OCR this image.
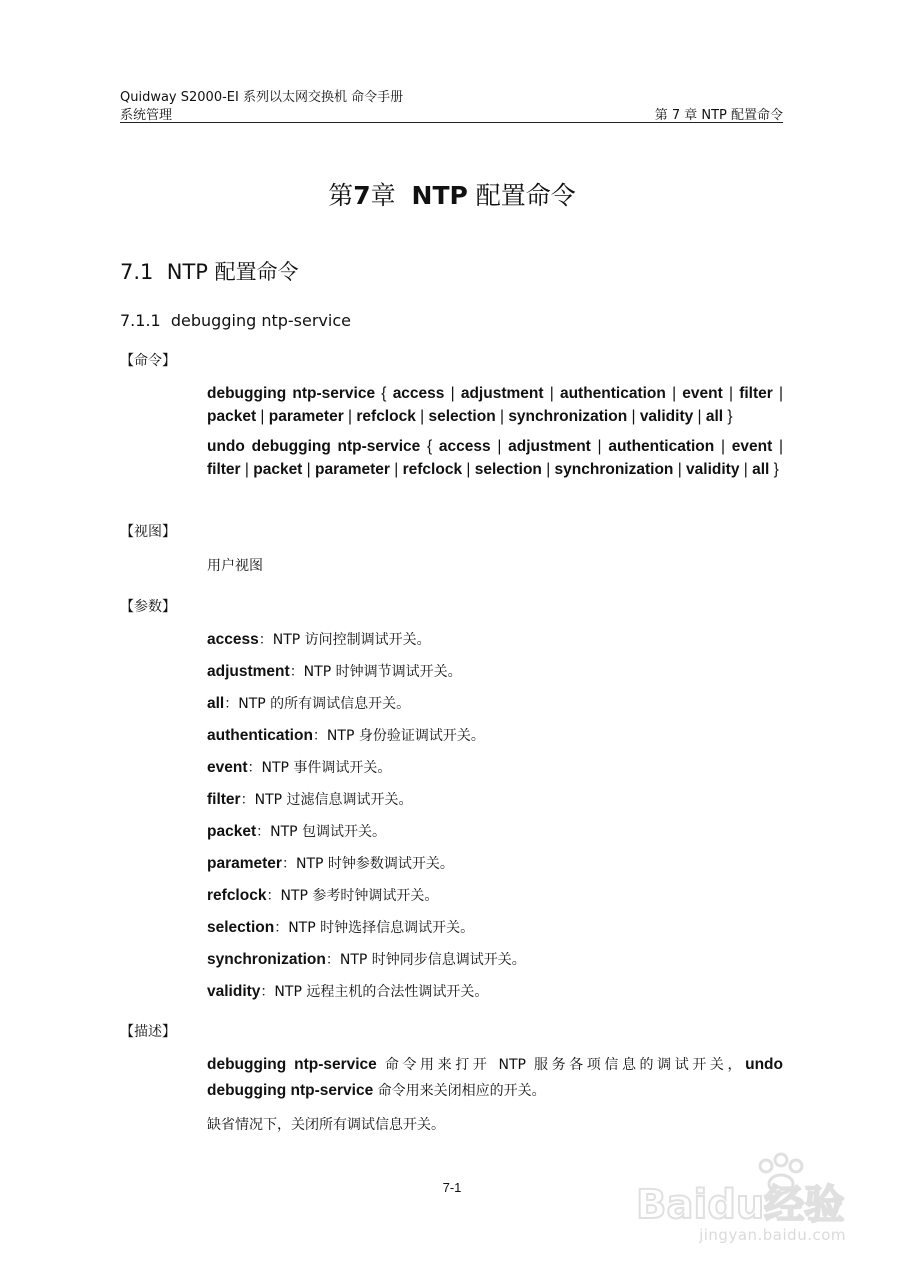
Quidway S2000-EI 系列以太网交换机 命令手册
系统管理	第 7 章 NTP 配置命令
第7章  NTP 配置命令
7.1  NTP 配置命令
7.1.1  debugging ntp-service
【命令】
debugging ntp-service { access | adjustment | authentication | event | filter | packet | parameter | refclock | selection | synchronization | validity | all }
undo debugging ntp-service { access | adjustment | authentication | event | filter | packet | parameter | refclock | selection | synchronization | validity | all }
【视图】
用户视图
【参数】
access：NTP 访问控制调试开关。
adjustment：NTP 时钟调节调试开关。
all：NTP 的所有调试信息开关。
authentication：NTP 身份验证调试开关。
event：NTP 事件调试开关。
filter：NTP 过滤信息调试开关。
packet：NTP 包调试开关。
parameter：NTP 时钟参数调试开关。
refclock：NTP 参考时钟调试开关。
selection：NTP 时钟选择信息调试开关。
synchronization：NTP 时钟同步信息调试开关。
validity：NTP 远程主机的合法性调试开关。
【描述】
debugging ntp-service 命令用来打开 NTP 服务各项信息的调试开关，undo debugging ntp-service 命令用来关闭相应的开关。
缺省情况下，关闭所有调试信息开关。
7-1	Baidu经验
jingyan.baidu.com
